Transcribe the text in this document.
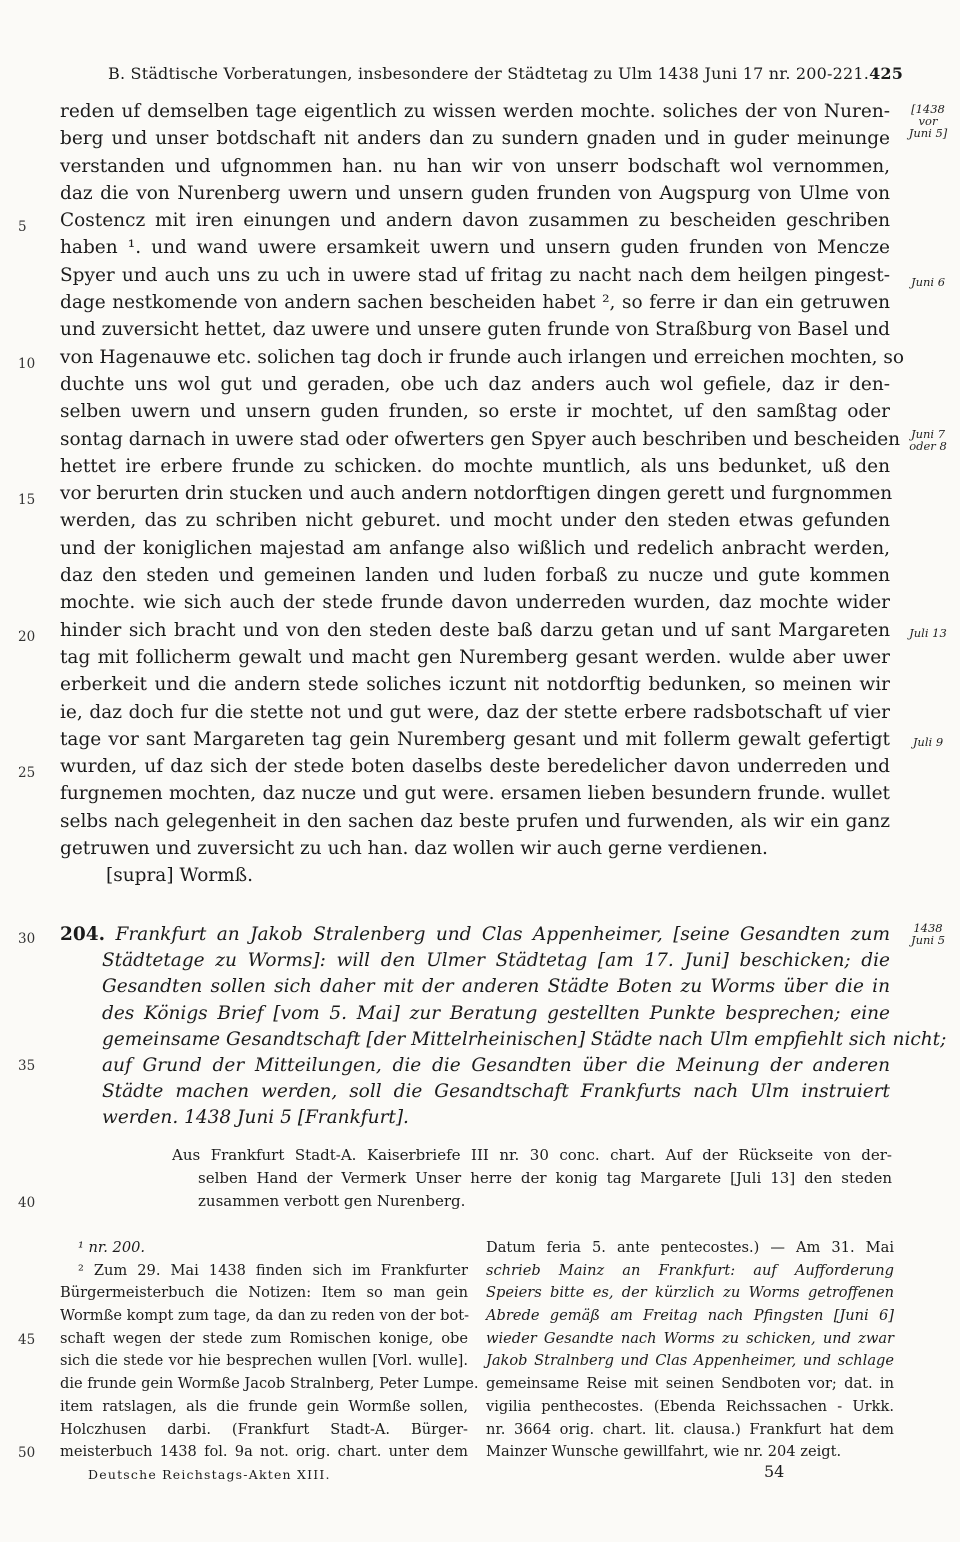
B. Städtische Vorberatungen, insbesondere der Städtetag zu Ulm 1438 Juni 17 nr. 200-221. 425
reden uf demselben tage eigentlich zu wissen werden mochte. soliches der von Nuren-
berg und unser botdschaft nit anders dan zu sundern gnaden und in guder meinunge
verstanden und ufgnommen han. nu han wir von unserr bodschaft wol vernommen,
daz die von Nurenberg uwern und unsern guden frunden von Augspurg von Ulme von
Costencz mit iren einungen und andern davon zusammen zu bescheiden geschriben
haben ¹. und wand uwere ersamkeit uwern und unsern guden frunden von Mencze
Spyer und auch uns zu uch in uwere stad uf fritag zu nacht nach dem heilgen pingest-
dage nestkomende von andern sachen bescheiden habet ², so ferre ir dan ein getruwen
und zuversicht hettet, daz uwere und unsere guten frunde von Straßburg von Basel und
von Hagenauwe etc. solichen tag doch ir frunde auch irlangen und erreichen mochten, so
duchte uns wol gut und geraden, obe uch daz anders auch wol gefiele, daz ir den-
selben uwern und unsern guden frunden, so erste ir mochtet, uf den samßtag oder
sontag darnach in uwere stad oder ofwerters gen Spyer auch beschriben und bescheiden
hettet ire erbere frunde zu schicken. do mochte muntlich, als uns bedunket, uß den
vor berurten drin stucken und auch andern notdorftigen dingen gerett und furgnommen
werden, das zu schriben nicht geburet. und mocht under den steden etwas gefunden
und der koniglichen majestad am anfange also wißlich und redelich anbracht werden,
daz den steden und gemeinen landen und luden forbaß zu nucze und gute kommen
mochte. wie sich auch der stede frunde davon underreden wurden, daz mochte wider
hinder sich bracht und von den steden deste baß darzu getan und uf sant Margareten
tag mit follicherm gewalt und macht gen Nuremberg gesant werden. wulde aber uwer
erberkeit und die andern stede soliches iczunt nit notdorftig bedunken, so meinen wir
ie, daz doch fur die stette not und gut were, daz der stette erbere radsbotschaft uf vier
tage vor sant Margareten tag gein Nuremberg gesant und mit follerm gewalt gefertigt
wurden, uf daz sich der stede boten daselbs deste beredelicher davon underreden und
furgnemen mochten, daz nucze und gut were. ersamen lieben besundern frunde. wullet
selbs nach gelegenheit in den sachen daz beste prufen und furwenden, als wir ein ganz
getruwen und zuversicht zu uch han. daz wollen wir auch gerne verdienen.
[supra] Wormß.
5
10
15
20
25
30
35
40
45
50
[1438
vor
Juni 5]
Juni 6
Juni 7
oder 8
Juli 13
Juli 9
1438
Juni 5
204. Frankfurt an Jakob Stralenberg und Clas Appenheimer, [seine Gesandten zum
Städtetage zu Worms]: will den Ulmer Städtetag [am 17. Juni] beschicken; die
Gesandten sollen sich daher mit der anderen Städte Boten zu Worms über die in
des Königs Brief [vom 5. Mai] zur Beratung gestellten Punkte besprechen; eine
gemeinsame Gesandtschaft [der Mittelrheinischen] Städte nach Ulm empfiehlt sich nicht;
auf Grund der Mitteilungen, die die Gesandten über die Meinung der anderen
Städte machen werden, soll die Gesandtschaft Frankfurts nach Ulm instruiert
werden. 1438 Juni 5 [Frankfurt].
Aus Frankfurt Stadt-A. Kaiserbriefe III nr. 30 conc. chart. Auf der Rückseite von der-
selben Hand der Vermerk Unser herre der konig tag Margarete [Juli 13] den steden
zusammen verbott gen Nurenberg.
¹ nr. 200.
² Zum 29. Mai 1438 finden sich im Frankfurter
Bürgermeisterbuch die Notizen: Item so man gein
Wormße kompt zum tage, da dan zu reden von der bot-
schaft wegen der stede zum Romischen konige, obe
sich die stede vor hie besprechen wullen [Vorl. wulle].
die frunde gein Wormße Jacob Stralnberg, Peter Lumpe.
item ratslagen, als die frunde gein Wormße sollen,
Holczhusen darbi. (Frankfurt Stadt-A. Bürger-
meisterbuch 1438 fol. 9a not. orig. chart. unter dem
Datum feria 5. ante pentecostes.) — Am 31. Mai
schrieb Mainz an Frankfurt: auf Aufforderung
Speiers bitte es, der kürzlich zu Worms getroffenen
Abrede gemäß am Freitag nach Pfingsten [Juni 6]
wieder Gesandte nach Worms zu schicken, und zwar
Jakob Stralnberg und Clas Appenheimer, und schlage
gemeinsame Reise mit seinen Sendboten vor; dat. in
vigilia penthecostes. (Ebenda Reichssachen - Urkk.
nr. 3664 orig. chart. lit. clausa.) Frankfurt hat dem
Mainzer Wunsche gewillfahrt, wie nr. 204 zeigt.
Deutsche Reichstags-Akten XIII.	54
